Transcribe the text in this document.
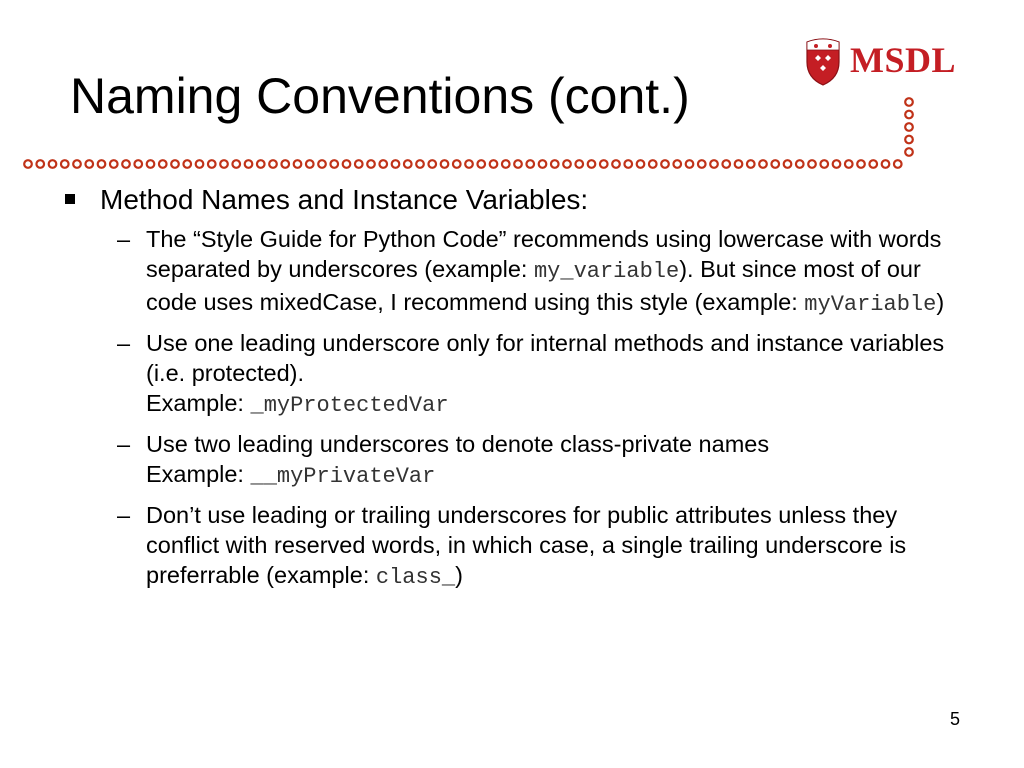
MSDL
Naming Conventions (cont.)
Method Names and Instance Variables:
– The “Style Guide for Python Code” recommends using lowercase with words separated by underscores (example: my_variable). But since most of our code uses mixedCase, I recommend using this style (example: myVariable)
– Use one leading underscore only for internal methods and instance variables (i.e. protected).
Example: _myProtectedVar
– Use two leading underscores to denote class-private names
Example: __myPrivateVar
– Don’t use leading or trailing underscores for public attributes unless they conflict with reserved words, in which case, a single trailing underscore is preferrable (example: class_)
5
